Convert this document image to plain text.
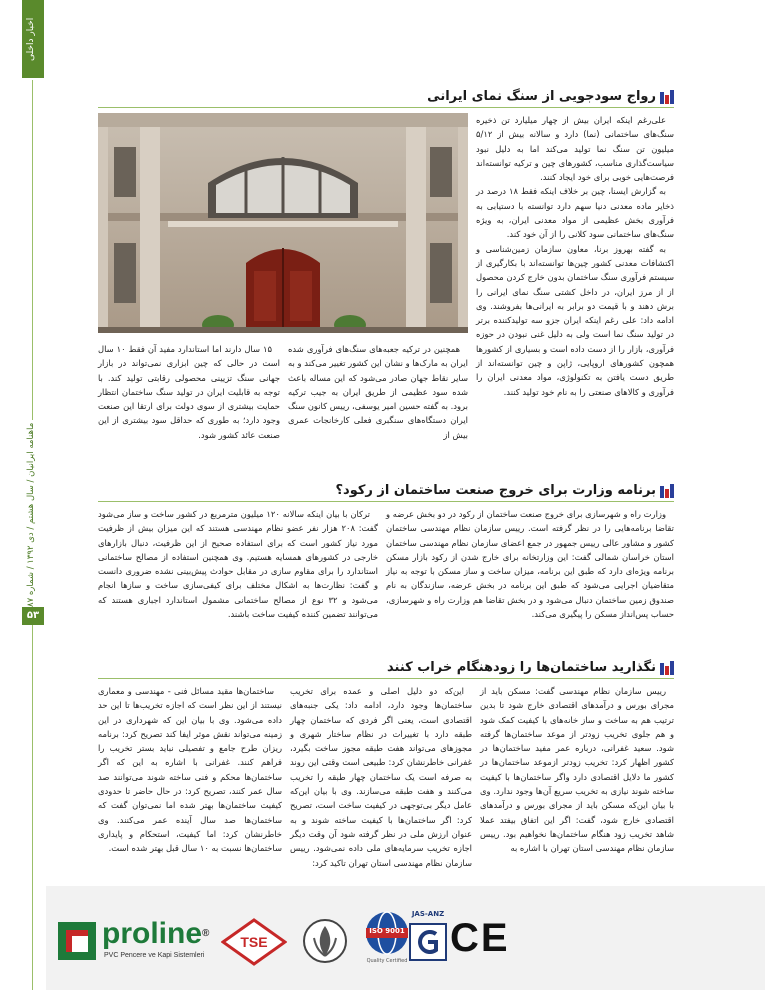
اخبار داخلی
ماهنامه ایرانیان / سال هشتم / دی ۱۳۹۲ / شماره ۸۷
۵۳
رواج سودجویی از سنگ نمای ایرانی

علی‌رغم اینکه ایران بیش از چهار میلیارد تن ذخیره سنگ‌های ساختمانی (نما) دارد و سالانه بیش از ۵/۱۲ میلیون تن سنگ نما تولید می‌کند اما به دلیل نبود سیاست‌گذاری مناسب، کشورهای چین و ترکیه توانسته‌اند فرصت‌هایی خوبی برای خود ایجاد کنند.

به گزارش ایسنا، چین بر خلاف اینکه فقط ۱۸ درصد در ذخایر ماده معدنی دنیا سهم دارد توانسته با دستیابی به فرآوری بخش عظیمی از مواد معدنی ایران، به ویژه سنگ‌های ساختمانی سود کلانی را از آن خود کند.

به گفته بهروز برنا، معاون سازمان زمین‌شناسی و اکتشافات معدنی کشور چین‌ها توانسته‌اند با بکارگیری از سیستم فرآوری سنگ ساختمان بدون خارج کردن محصول از از مرز ایران، در داخل کشتی سنگ نمای ایرانی را برش دهند و با قیمت دو برابر به ایرانی‌ها بفروشند. وی ادامه داد: علی رغم اینکه ایران جزو سه تولیدکننده برتر در تولید سنگ نما است ولی به دلیل غنی نبودن در حوزه فرآوری، بازار را از دست داده است و بسیاری از کشورها همچون کشورهای اروپایی، ژاپن و چین توانسته‌اند از طریق دست یافتن به تکنولوژی، مواد معدنی ایران را فرآوری و کالاهای صنعتی را به نام خود تولید کنند.

همچنین در ترکیه جعبه‌های سنگ‌های فرآوری شده ایران به مارک‌ها و نشان این کشور تغییر می‌کند و به سایر نقاط جهان صادر می‌شود که این مساله باعث شده سود عظیمی از طریق ایران به جیب ترکیه برود. به گفته حسین امیر یوسفی، رییس کانون سنگ ایران دستگاه‌های سنگبری فعلی کارخانجات عمری بیش از

۱۵ سال دارند اما استاندارد مفید آن فقط ۱۰ سال است در حالی که چین ابزاری نمی‌تواند در بازار جهانی سنگ تزیینی محصولی رقابتی تولید کند. با توجه به قابلیت ایران در تولید سنگ ساختمان انتظار حمایت بیشتری از سوی دولت برای ارتقا این صنعت وجود دارد؛ به طوری که حداقل سود بیشتری از این صنعت عائد کشور شود.

برنامه وزارت برای خروج صنعت ساختمان از رکود؟

وزارت راه و شهرسازی برای خروج صنعت ساختمان از رکود در دو بخش عرضه و تقاضا برنامه‌هایی را در نظر گرفته است. رییس سازمان نظام مهندسی ساختمان کشور و مشاور عالی رییس جمهور در جمع اعضای سازمان نظام مهندسی ساختمان استان خراسان شمالی گفت: این وزارتخانه برای خارج شدن از رکود بازار مسکن برنامه ویژه‌ای دارد که طبق این برنامه، میزان ساخت و ساز مسکن با توجه به نیاز متقاضیان اجرایی می‌شود که طبق این برنامه در بخش عرضه، سازندگان به نام صندوق زمین ساختمان دنبال می‌شود و در بخش تقاضا هم وزارت راه و شهرسازی، حساب پس‌انداز مسکن را پیگیری می‌کند.

ترکان با بیان اینکه سالانه ۱۲۰ میلیون مترمربع در کشور ساخت و ساز می‌شود گفت: ۲۰۸ هزار نفر عضو نظام مهندسی هستند که این میزان بیش از ظرفیت مورد نیاز کشور است که برای استفاده صحیح از این ظرفیت، دنبال بازارهای خارجی در کشورهای همسایه هستیم. وی همچنین استفاده از مصالح ساختمانی استاندارد را برای مقاوم سازی در مقابل حوادث پیش‌بینی نشده ضروری دانست و گفت: نظارت‌ها به اشکال مختلف برای کیفی‌سازی ساخت و سازها انجام می‌شود و ۳۲ نوع از مصالح ساختمانی مشمول استاندارد اجباری هستند که می‌توانند تضمین کننده کیفیت ساخت باشند.

نگذارید ساختمان‌ها را زودهنگام خراب کنند

رییس سازمان نظام مهندسی گفت: مسکن باید از مجرای بورس و درآمدهای اقتصادی خارج شود تا بدین ترتیب هم به ساخت و ساز خانه‌های با کیفیت کمک شود و هم جلوی تخریب زودتر از موعد ساختمان‌ها گرفته شود. سعید غفرانی، درباره عمر مفید ساختمان‌ها در کشور اظهار کرد: تخریب زودتر ازموعد ساختمان‌ها در کشور ما دلایل اقتصادی دارد واگر ساختمان‌ها با کیفیت ساخته شوند نیازی به تخریب سریع آن‌ها وجود ندارد. وی با بیان این‌که مسکن باید از مجرای بورس و درآمدهای اقتصادی خارج شود، گفت: اگر این اتفاق بیفتد عملا شاهد تخریب زود هنگام ساختمان‌ها نخواهیم بود. رییس سازمان نظام مهندسی استان تهران با اشاره به

این‌که دو دلیل اصلی و عمده برای تخریب ساختمان‌ها وجود دارد، ادامه داد: یکی جنبه‌های اقتصادی است، یعنی اگر فردی که ساختمان چهار طبقه دارد با تغییرات در نظام ساختار شهری و مجوزهای می‌تواند هفت طبقه مجوز ساخت بگیرد، غفرانی خاطرنشان کرد: طبیعی است وقتی این روند به صرفه است یک ساختمان چهار طبقه را تخریب می‌کنند و هفت طبقه می‌سازند. وی با بیان این‌که عامل دیگر بی‌توجهی در کیفیت ساخت است، تصریح کرد: اگر ساختمان‌ها با کیفیت ساخته شوند و به عنوان ارزش ملی در نظر گرفته شود آن وقت دیگر اجازه تخریب سرمایه‌های ملی داده نمی‌شود. رییس سازمان نظام مهندسی استان تهران تاکید کرد:

ساختمان‌ها مقید مسائل فنی - مهندسی و معماری نیستند از این نظر است که اجازه تخریب‌ها تا این حد داده می‌شود. وی با بیان این که شهرداری در این زمینه می‌تواند نقش موثر ایفا کند تصریح کرد: برنامه ریزان طرح جامع و تفصیلی نباید بستر تخریب را فراهم کنند. غفرانی با اشاره به این که اگر ساختمان‌ها محکم و فنی ساخته شوند می‌توانند صد سال عمر کنند، تصریح کرد: در حال حاضر تا حدودی کیفیت ساختمان‌ها بهتر شده اما نمی‌توان گفت که ساختمان‌ها صد سال آینده عمر می‌کنند. وی خاطرنشان کرد: اما کیفیت، استحکام و پایداری ساختمان‌ها نسبت به ۱۰ سال قبل بهتر شده است.

proline®
PVC Pencere ve Kapi Sistemleri
TSE
ISO 9001
Quality Certified
JAS-ANZ
CE
